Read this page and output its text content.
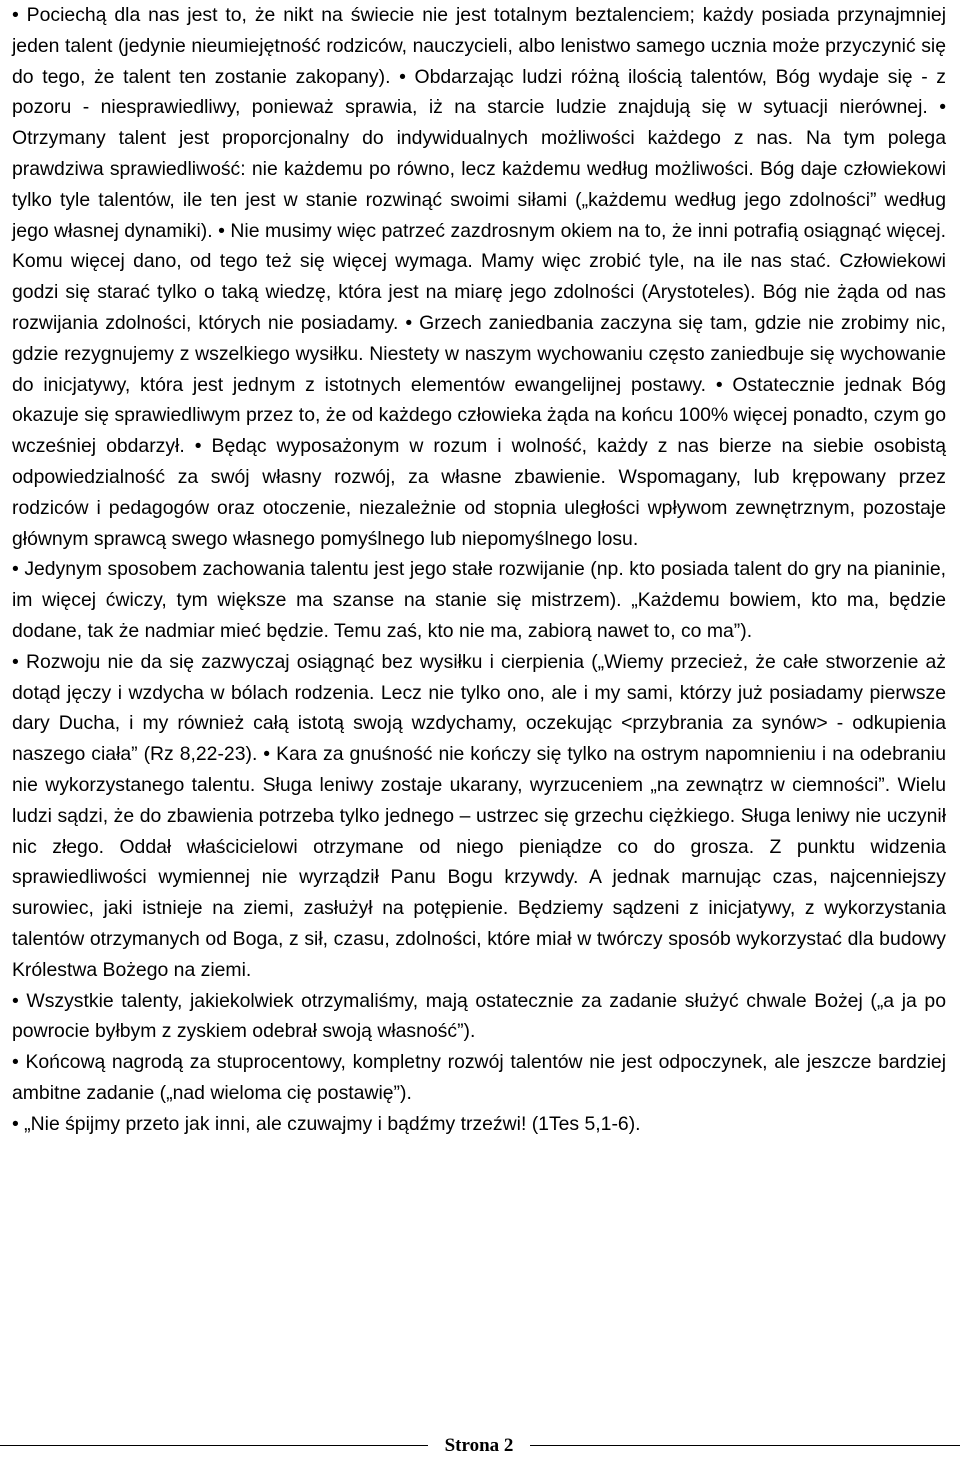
• Pociechą dla nas jest to, że nikt na świecie nie jest totalnym beztalenciem; każdy posiada przynajmniej jeden talent (jedynie nieumiejętność rodziców, nauczycieli, albo lenistwo samego ucznia może przyczynić się do tego, że talent ten zostanie zakopany). • Obdarzając ludzi różną ilością talentów, Bóg wydaje się - z pozoru - niesprawiedliwy, ponieważ sprawia, iż na starcie ludzie znajdują się w sytuacji nierównej. • Otrzymany talent jest proporcjonalny do indywidualnych możliwości każdego z nas. Na tym polega prawdziwa sprawiedliwość: nie każdemu po równo, lecz każdemu według możliwości. Bóg daje człowiekowi tylko tyle talentów, ile ten jest w stanie rozwinąć swoimi siłami („każdemu według jego zdolności” według jego własnej dynamiki). • Nie musimy więc patrzeć zazdrosnym okiem na to, że inni potrafią osiągnąć więcej. Komu więcej dano, od tego też się więcej wymaga. Mamy więc zrobić tyle, na ile nas stać. Człowiekowi godzi się starać tylko o taką wiedzę, która jest na miarę jego zdolności (Arystoteles). Bóg nie żąda od nas rozwijania zdolności, których nie posiadamy. • Grzech zaniedbania zaczyna się tam, gdzie nie zrobimy nic, gdzie rezygnujemy z wszelkiego wysiłku. Niestety w naszym wychowaniu często zaniedbuje się wychowanie do inicjatywy, która jest jednym z istotnych elementów ewangelijnej postawy. • Ostatecznie jednak Bóg okazuje się sprawiedliwym przez to, że od każdego człowieka żąda na końcu 100% więcej ponadto, czym go wcześniej obdarzył. • Będąc wyposażonym w rozum i wolność, każdy z nas bierze na siebie osobistą odpowiedzialność za swój własny rozwój, za własne zbawienie. Wspomagany, lub krępowany przez rodziców i pedagogów oraz otoczenie, niezależnie od stopnia uległości wpływom zewnętrznym, pozostaje głównym sprawcą swego własnego pomyślnego lub niepomyślnego losu.

• Jedynym sposobem zachowania talentu jest jego stałe rozwijanie (np. kto posiada talent do gry na pianinie, im więcej ćwiczy, tym większe ma szanse na stanie się mistrzem). „Każdemu bowiem, kto ma, będzie dodane, tak że nadmiar mieć będzie. Temu zaś, kto nie ma, zabiorą nawet to, co ma”).

• Rozwoju nie da się zazwyczaj osiągnąć bez wysiłku i cierpienia („Wiemy przecież, że całe stworzenie aż dotąd jęczy i wzdycha w bólach rodzenia. Lecz nie tylko ono, ale i my sami, którzy już posiadamy pierwsze dary Ducha, i my również całą istotą swoją wzdychamy, oczekując <przybrania za synów> - odkupienia naszego ciała” (Rz 8,22-23). • Kara za gnuśność nie kończy się tylko na ostrym napomnieniu i na odebraniu nie wykorzystanego talentu. Sługa leniwy zostaje ukarany, wyrzuceniem „na zewnątrz w ciemności”. Wielu ludzi sądzi, że do zbawienia potrzeba tylko jednego – ustrzec się grzechu ciężkiego. Sługa leniwy nie uczynił nic złego. Oddał właścicielowi otrzymane od niego pieniądze co do grosza. Z punktu widzenia sprawiedliwości wymiennej nie wyrządził Panu Bogu krzywdy. A jednak marnując czas, najcenniejszy surowiec, jaki istnieje na ziemi, zasłużył na potępienie. Będziemy sądzeni z inicjatywy, z wykorzystania talentów otrzymanych od Boga, z sił, czasu, zdolności, które miał w twórczy sposób wykorzystać dla budowy Królestwa Bożego na ziemi.

• Wszystkie talenty, jakiekolwiek otrzymaliśmy, mają ostatecznie za zadanie służyć chwale Bożej („a ja po powrocie byłbym z zyskiem odebrał swoją własność”).

• Końcową nagrodą za stuprocentowy, kompletny rozwój talentów nie jest odpoczynek, ale jeszcze bardziej ambitne zadanie („nad wieloma cię postawię”).

• „Nie śpijmy przeto jak inni, ale czuwajmy i bądźmy trzeźwi! (1Tes 5,1-6).

Strona 2
